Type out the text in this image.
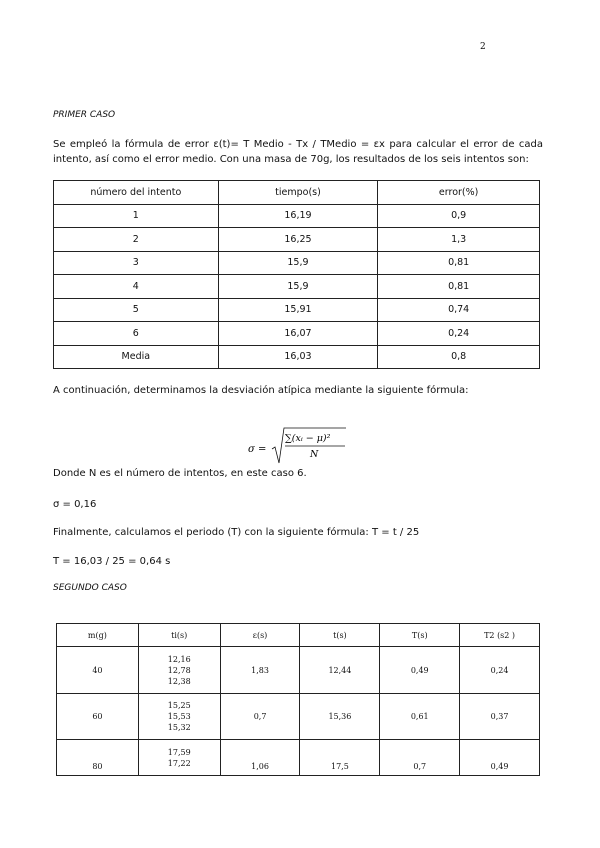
2
PRIMER CASO
Se empleó la fórmula de error ε(t)= T Medio - Tx / TMedio = εx para calcular el error de cada
intento, así como el error medio. Con una masa de 70g, los resultados de los seis intentos son:
número del intento	tiempo(s)	error(%)
1	16,19	0,9
2	16,25	1,3
3	15,9	0,81
4	15,9	0,81
5	15,91	0,74
6	16,07	0,24
Media	16,03	0,8
A continuación, determinamos la desviación atípica mediante la siguiente fórmula:
σ =
∑(xᵢ − μ)²
N
Donde N es el número de intentos, en este caso 6.
σ = 0,16
Finalmente, calculamos el periodo (T) con la siguiente fórmula: T = t / 25
T = 16,03 / 25 = 0,64 s
SEGUNDO CASO
m(g)	ti(s)	ε(s)	t(s)	T(s)	T2 (s2 )
40	12,16
12,78
12,38	1,83	12,44	0,49	0,24
60	15,25
15,53
15,32	0,7	15,36	0,61	0,37
80	17,59
17,22	1,06	17,5	0,7	0,49
